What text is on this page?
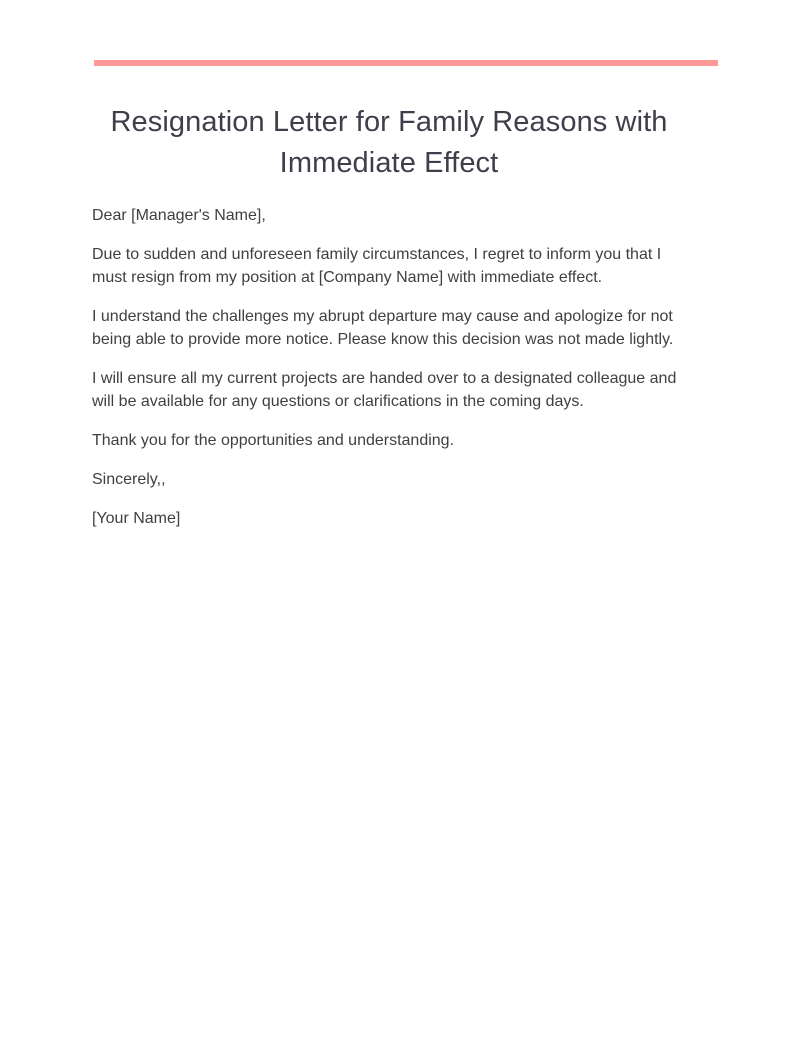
Resignation Letter for Family Reasons with Immediate Effect

Dear [Manager's Name],

Due to sudden and unforeseen family circumstances, I regret to inform you that I must resign from my position at [Company Name] with immediate effect.

I understand the challenges my abrupt departure may cause and apologize for not being able to provide more notice. Please know this decision was not made lightly.

I will ensure all my current projects are handed over to a designated colleague and will be available for any questions or clarifications in the coming days.

Thank you for the opportunities and understanding.

Sincerely,,

[Your Name]
